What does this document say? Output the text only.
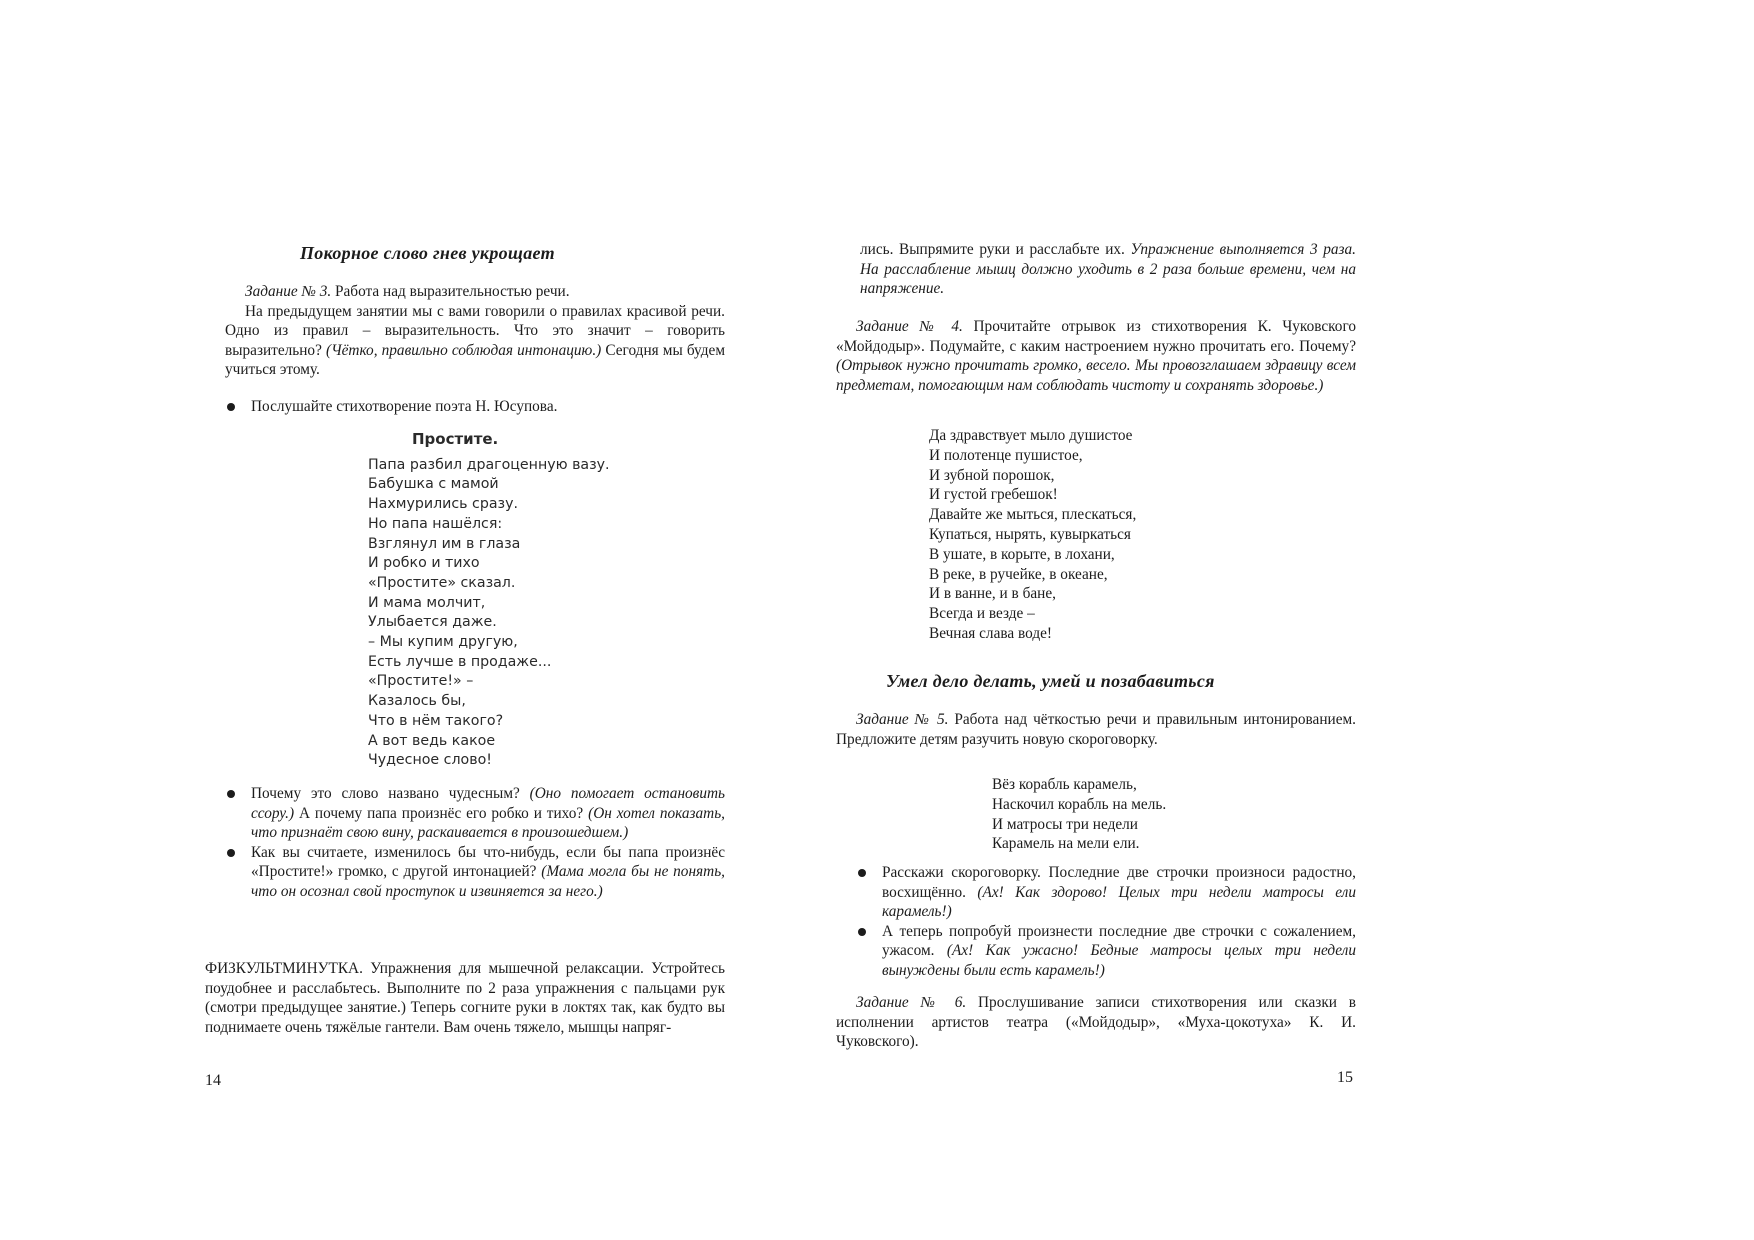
Покорное слово гнев укрощает

Задание № 3. Работа над выразительностью речи.

На предыдущем занятии мы с вами говорили о правилах красивой речи. Одно из правил – выразительность. Что это значит – говорить выразительно? (Чётко, правильно соблюдая интонацию.) Сегодня мы будем учиться этому.

Послушайте стихотворение поэта Н. Юсупова.

Простите.
Папа разбил драгоценную вазу.
Бабушка с мамой
Нахмурились сразу.
Но папа нашёлся:
Взглянул им в глаза
И робко и тихо
«Простите» сказал.
И мама молчит,
Улыбается даже.
– Мы купим другую,
Есть лучше в продаже...
«Простите!» –
Казалось бы,
Что в нём такого?
А вот ведь какое
Чудесное слово!

Почему это слово названо чудесным? (Оно помогает остановить ссору.) А почему папа произнёс его робко и тихо? (Он хотел показать, что признаёт свою вину, раскаивается в произошедшем.)

Как вы считаете, изменилось бы что-нибудь, если бы папа произнёс «Простите!» громко, с другой интонацией? (Мама могла бы не понять, что он осознал свой проступок и извиняется за него.)

ФИЗКУЛЬТМИНУТКА. Упражнения для мышечной релаксации. Устройтесь поудобнее и расслабьтесь. Выполните по 2 раза упражнения с пальцами рук (смотри предыдущее занятие.) Теперь согните руки в локтях так, как будто вы поднимаете очень тяжёлые гантели. Вам очень тяжело, мышцы напряг-

14

лись. Выпрямите руки и расслабьте их. Упражнение выполняется 3 раза. На расслабление мышц должно уходить в 2 раза больше времени, чем на напряжение.

Задание № 4. Прочитайте отрывок из стихотворения К. Чуковского «Мойдодыр». Подумайте, с каким настроением нужно прочитать его. Почему? (Отрывок нужно прочитать громко, весело. Мы провозглашаем здравицу всем предметам, помогающим нам соблюдать чистоту и сохранять здоровье.)

Да здравствует мыло душистое
И полотенце пушистое,
И зубной порошок,
И густой гребешок!
Давайте же мыться, плескаться,
Купаться, нырять, кувыркаться
В ушате, в корыте, в лохани,
В реке, в ручейке, в океане,
И в ванне, и в бане,
Всегда и везде –
Вечная слава воде!
Умел дело делать, умей и позабавиться

Задание № 5. Работа над чёткостью речи и правильным интонированием. Предложите детям разучить новую скороговорку.

Вёз корабль карамель,
Наскочил корабль на мель.
И матросы три недели
Карамель на мели ели.

Расскажи скороговорку. Последние две строчки произноси радостно, восхищённо. (Ах! Как здорово! Целых три недели матросы ели карамель!)

А теперь попробуй произнести последние две строчки с сожалением, ужасом. (Ах! Как ужасно! Бедные матросы целых три недели вынуждены были есть карамель!)

Задание № 6. Прослушивание записи стихотворения или сказки в исполнении артистов театра («Мойдодыр», «Муха-цокотуха» К. И. Чуковского).

15
